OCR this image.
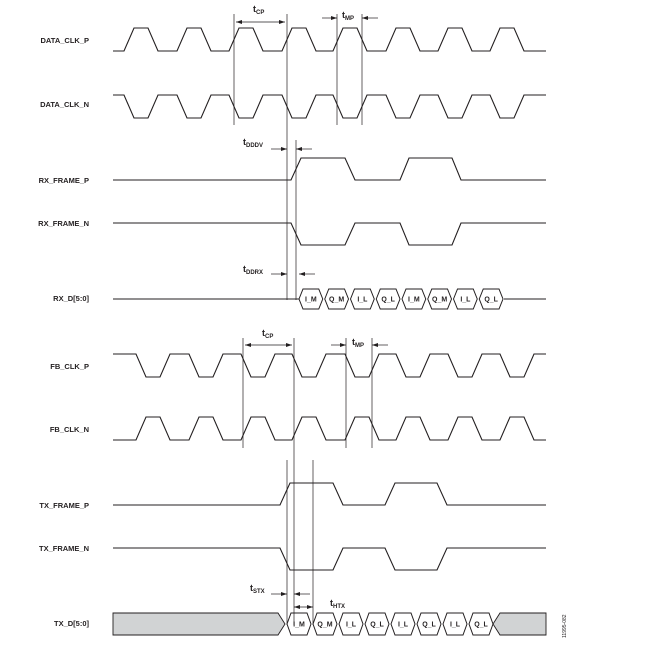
DATA_CLK_P
DATA_CLK_N
RX_FRAME_P
RX_FRAME_N
RX_D[5:0]
FB_CLK_P
FB_CLK_N
TX_FRAME_P
TX_FRAME_N
TX_D[5:0]
I_M Q_M I_L Q_L I_M Q_M I_L Q_L
$t_{CP}$	$t_{MP}$
$t_{DDDV}$
$t_{DDRX}$
I_M Q_M I_L Q_L I_L Q_L I_L Q_L
$t_{CP}$	$t_{MP}$
$t_{STX}$
$t_{HTX}$
11995-082
